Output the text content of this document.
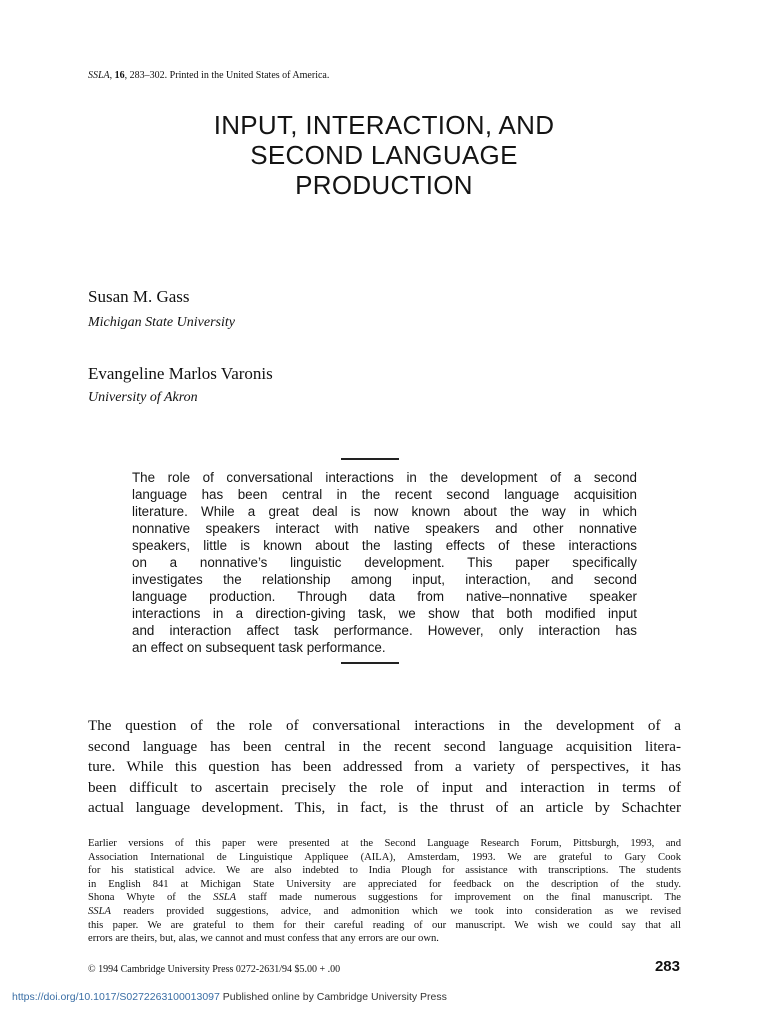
SSLA, 16, 283–302. Printed in the United States of America.
INPUT, INTERACTION, AND
SECOND LANGUAGE
PRODUCTION
Susan M. Gass
Michigan State University
Evangeline Marlos Varonis
University of Akron
The role of conversational interactions in the development of a second
language has been central in the recent second language acquisition
literature. While a great deal is now known about the way in which
nonnative speakers interact with native speakers and other nonnative
speakers, little is known about the lasting effects of these interactions
on a nonnative’s linguistic development. This paper specifically
investigates the relationship among input, interaction, and second
language production. Through data from native–nonnative speaker
interactions in a direction-giving task, we show that both modified input
and interaction affect task performance. However, only interaction has
an effect on subsequent task performance.
The question of the role of conversational interactions in the development of a
second language has been central in the recent second language acquisition litera-
ture. While this question has been addressed from a variety of perspectives, it has
been difficult to ascertain precisely the role of input and interaction in terms of
actual language development. This, in fact, is the thrust of an article by Schachter
Earlier versions of this paper were presented at the Second Language Research Forum, Pittsburgh, 1993, and
Association International de Linguistique Appliquee (AILA), Amsterdam, 1993. We are grateful to Gary Cook
for his statistical advice. We are also indebted to India Plough for assistance with transcriptions. The students
in English 841 at Michigan State University are appreciated for feedback on the description of the study.
Shona Whyte of the SSLA staff made numerous suggestions for improvement on the final manuscript. The
SSLA readers provided suggestions, advice, and admonition which we took into consideration as we revised
this paper. We are grateful to them for their careful reading of our manuscript. We wish we could say that all
errors are theirs, but, alas, we cannot and must confess that any errors are our own.
© 1994 Cambridge University Press 0272-2631/94 $5.00 + .00	283
https://doi.org/10.1017/S0272263100013097 Published online by Cambridge University Press
